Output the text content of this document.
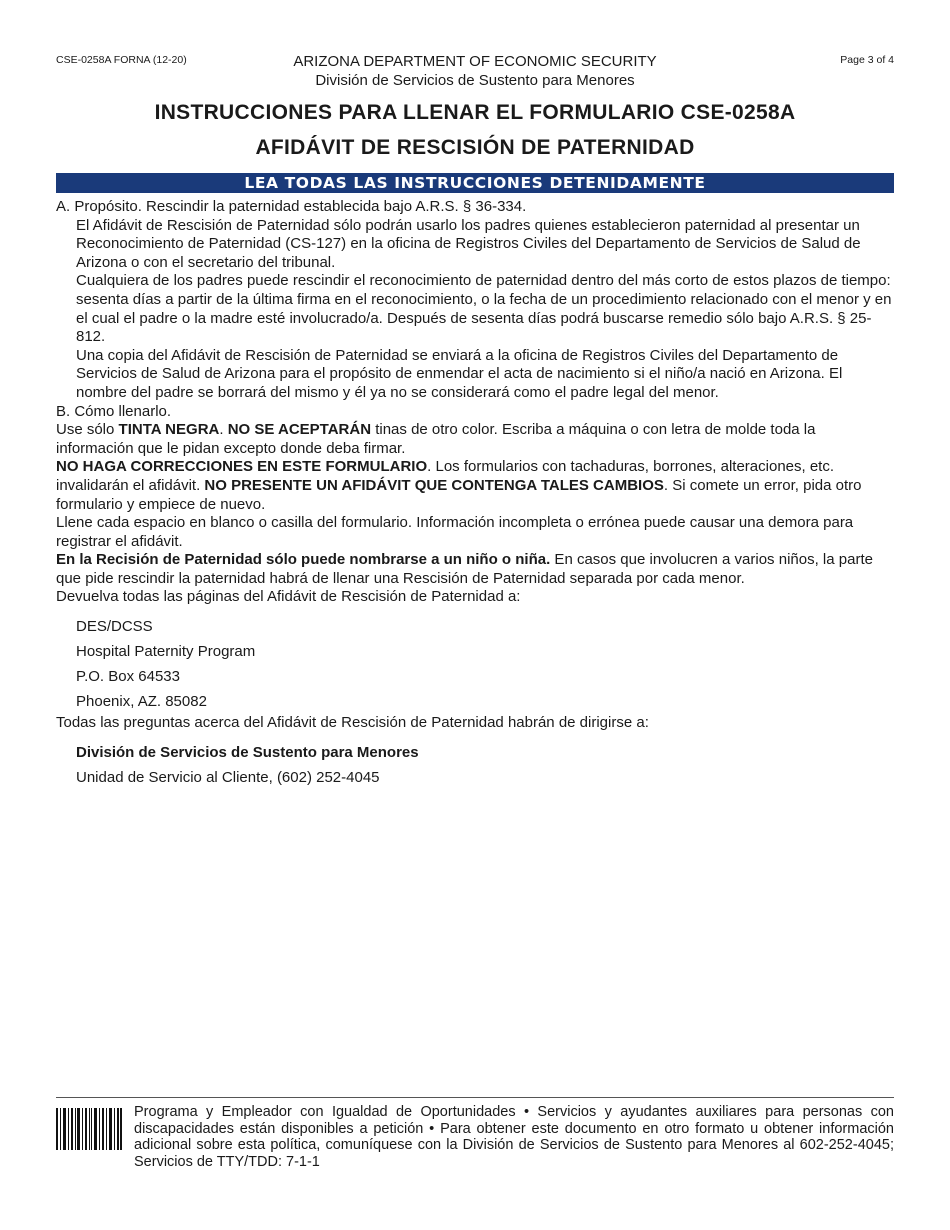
CSE-0258A FORNA (12-20)	Page 3 of 4
ARIZONA DEPARTMENT OF ECONOMIC SECURITY
División de Servicios de Sustento para Menores
INSTRUCCIONES PARA LLENAR EL FORMULARIO CSE-0258A
AFIDÁVIT DE RESCISIÓN DE PATERNIDAD
LEA TODAS LAS INSTRUCCIONES DETENIDAMENTE

A. Propósito. Rescindir la paternidad establecida bajo A.R.S. § 36-334.

El Afidávit de Rescisión de Paternidad sólo podrán usarlo los padres quienes establecieron paternidad al presentar un Reconocimiento de Paternidad (CS-127) en la oficina de Registros Civiles del Departamento de Servicios de Salud de Arizona o con el secretario del tribunal.

Cualquiera de los padres puede rescindir el reconocimiento de paternidad dentro del más corto de estos plazos de tiempo: sesenta días a partir de la última firma en el reconocimiento, o la fecha de un procedimiento relacionado con el menor y en el cual el padre o la madre esté involucrado/a. Después de sesenta días podrá buscarse remedio sólo bajo A.R.S. § 25-812.

Una copia del Afidávit de Rescisión de Paternidad se enviará a la oficina de Registros Civiles del Departamento de Servicios de Salud de Arizona para el propósito de enmendar el acta de nacimiento si el niño/a nació en Arizona. El nombre del padre se borrará del mismo y él ya no se considerará como el padre legal del menor.

B. Cómo llenarlo.

Use sólo TINTA NEGRA. NO SE ACEPTARÁN tinas de otro color. Escriba a máquina o con letra de molde toda la información que le pidan excepto donde deba firmar.

NO HAGA CORRECCIONES EN ESTE FORMULARIO. Los formularios con tachaduras, borrones, alteraciones, etc. invalidarán el afidávit. NO PRESENTE UN AFIDÁVIT QUE CONTENGA TALES CAMBIOS. Si comete un error, pida otro formulario y empiece de nuevo.

Llene cada espacio en blanco o casilla del formulario. Información incompleta o errónea puede causar una demora para registrar el afidávit.

En la Recisión de Paternidad sólo puede nombrarse a un niño o niña. En casos que involucren a varios niños, la parte que pide rescindir la paternidad habrá de llenar una Rescisión de Paternidad separada por cada menor.

Devuelva todas las páginas del Afidávit de Rescisión de Paternidad a:

DES/DCSS
Hospital Paternity Program
P.O. Box 64533
Phoenix, AZ. 85082

Todas las preguntas acerca del Afidávit de Rescisión de Paternidad habrán de dirigirse a:

División de Servicios de Sustento para Menores
Unidad de Servicio al Cliente, (602) 252-4045
Programa y Empleador con Igualdad de Oportunidades • Servicios y ayudantes auxiliares para personas con discapacidades están disponibles a petición • Para obtener este documento en otro formato u obtener información adicional sobre esta política, comuníquese con la División de Servicios de Sustento para Menores al 602-252-4045; Servicios de TTY/TDD: 7-1-1
